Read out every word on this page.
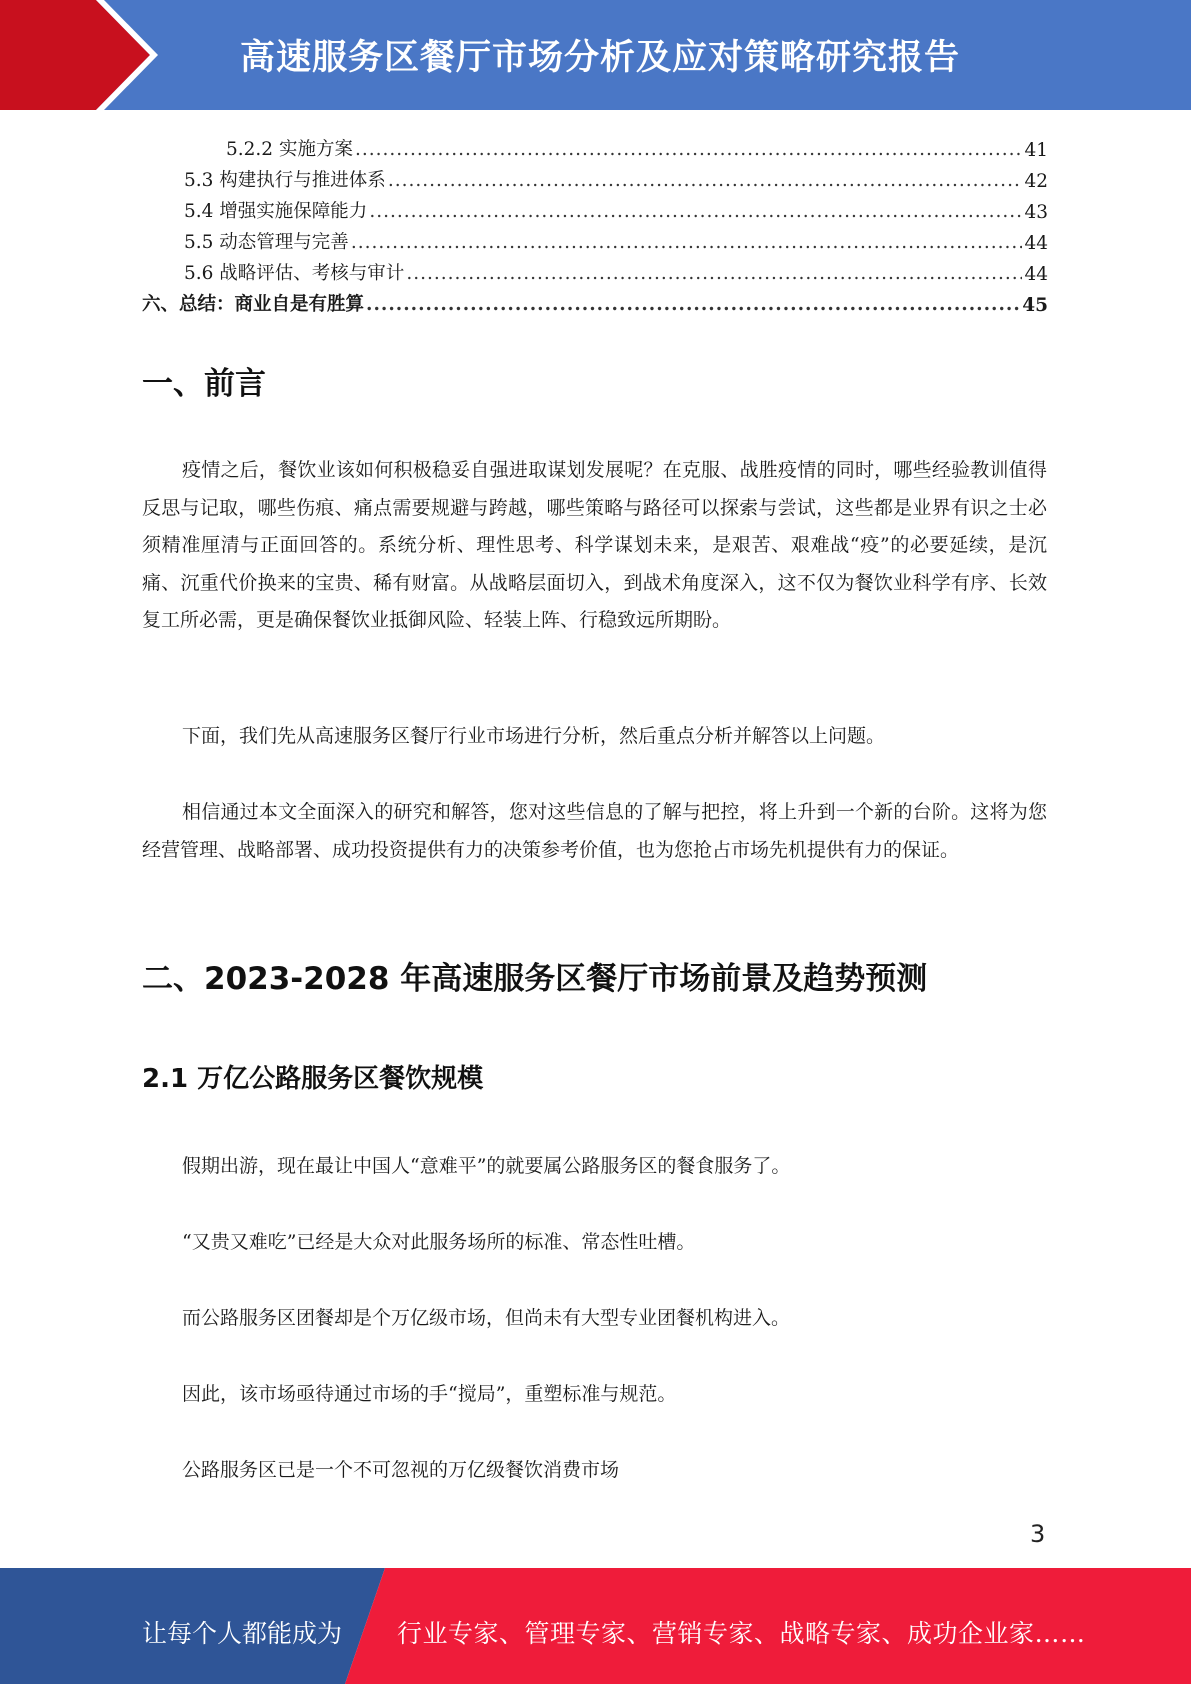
高速服务区餐厅市场分析及应对策略研究报告
5.2.2 实施方案 .....	41
5.3 构建执行与推进体系 .....	42
5.4 增强实施保障能力 .....	43
5.5 动态管理与完善 .....	44
5.6 战略评估、考核与审计 .....	44
六、总结：商业自是有胜算 .....	45
一、前言
疫情之后，餐饮业该如何积极稳妥自强进取谋划发展呢？在克服、战胜疫情的同时，哪些经验教训值得反思与记取，哪些伤痕、痛点需要规避与跨越，哪些策略与路径可以探索与尝试，这些都是业界有识之士必须精准厘清与正面回答的。系统分析、理性思考、科学谋划未来，是艰苦、艰难战“疫”的必要延续，是沉痛、沉重代价换来的宝贵、稀有财富。从战略层面切入，到战术角度深入，这不仅为餐饮业科学有序、长效复工所必需，更是确保餐饮业抵御风险、轻装上阵、行稳致远所期盼。
下面，我们先从高速服务区餐厅行业市场进行分析，然后重点分析并解答以上问题。
相信通过本文全面深入的研究和解答，您对这些信息的了解与把控，将上升到一个新的台阶。这将为您经营管理、战略部署、成功投资提供有力的决策参考价值，也为您抢占市场先机提供有力的保证。
二、2023-2028 年高速服务区餐厅市场前景及趋势预测
2.1 万亿公路服务区餐饮规模
假期出游，现在最让中国人“意难平”的就要属公路服务区的餐食服务了。
“又贵又难吃”已经是大众对此服务场所的标准、常态性吐槽。
而公路服务区团餐却是个万亿级市场，但尚未有大型专业团餐机构进入。
因此，该市场亟待通过市场的手“搅局”，重塑标准与规范。
公路服务区已是一个不可忽视的万亿级餐饮消费市场
3
让每个人都能成为 行业专家、管理专家、营销专家、战略专家、成功企业家……
